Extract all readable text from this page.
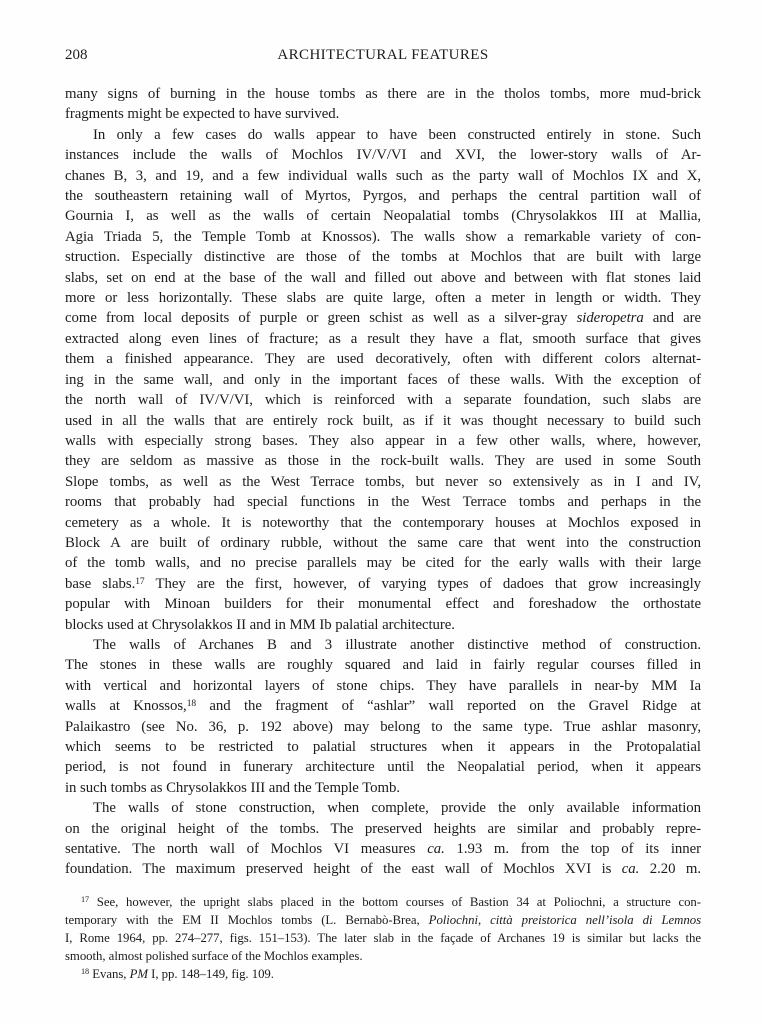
208	ARCHITECTURAL FEATURES
many signs of burning in the house tombs as there are in the tholos tombs, more mud-brick
fragments might be expected to have survived.
In only a few cases do walls appear to have been constructed entirely in stone. Such
instances include the walls of Mochlos IV/V/VI and XVI, the lower-story walls of Ar-
chanes B, 3, and 19, and a few individual walls such as the party wall of Mochlos IX and X,
the southeastern retaining wall of Myrtos, Pyrgos, and perhaps the central partition wall of
Gournia I, as well as the walls of certain Neopalatial tombs (Chrysolakkos III at Mallia,
Agia Triada 5, the Temple Tomb at Knossos). The walls show a remarkable variety of con-
struction. Especially distinctive are those of the tombs at Mochlos that are built with large
slabs, set on end at the base of the wall and filled out above and between with flat stones laid
more or less horizontally. These slabs are quite large, often a meter in length or width. They
come from local deposits of purple or green schist as well as a silver-gray sideropetra and are
extracted along even lines of fracture; as a result they have a flat, smooth surface that gives
them a finished appearance. They are used decoratively, often with different colors alternat-
ing in the same wall, and only in the important faces of these walls. With the exception of
the north wall of IV/V/VI, which is reinforced with a separate foundation, such slabs are
used in all the walls that are entirely rock built, as if it was thought necessary to build such
walls with especially strong bases. They also appear in a few other walls, where, however,
they are seldom as massive as those in the rock-built walls. They are used in some South
Slope tombs, as well as the West Terrace tombs, but never so extensively as in I and IV,
rooms that probably had special functions in the West Terrace tombs and perhaps in the
cemetery as a whole. It is noteworthy that the contemporary houses at Mochlos exposed in
Block A are built of ordinary rubble, without the same care that went into the construction
of the tomb walls, and no precise parallels may be cited for the early walls with their large
base slabs.$^{17}$ They are the first, however, of varying types of dadoes that grow increasingly
popular with Minoan builders for their monumental effect and foreshadow the orthostate
blocks used at Chrysolakkos II and in MM Ib palatial architecture.
The walls of Archanes B and 3 illustrate another distinctive method of construction.
The stones in these walls are roughly squared and laid in fairly regular courses filled in
with vertical and horizontal layers of stone chips. They have parallels in near-by MM Ia
walls at Knossos,$^{18}$ and the fragment of “ashlar” wall reported on the Gravel Ridge at
Palaikastro (see No. 36, p. 192 above) may belong to the same type. True ashlar masonry,
which seems to be restricted to palatial structures when it appears in the Protopalatial
period, is not found in funerary architecture until the Neopalatial period, when it appears
in such tombs as Chrysolakkos III and the Temple Tomb.
The walls of stone construction, when complete, provide the only available information
on the original height of the tombs. The preserved heights are similar and probably repre-
sentative. The north wall of Mochlos VI measures ca. 1.93 m. from the top of its inner
foundation. The maximum preserved height of the east wall of Mochlos XVI is ca. 2.20 m.
$^{17}$ See, however, the upright slabs placed in the bottom courses of Bastion 34 at Poliochni, a structure con-
temporary with the EM II Mochlos tombs (L. Bernabò-Brea, Poliochni, città preistorica nell’isola di Lemnos
I, Rome 1964, pp. 274–277, figs. 151–153). The later slab in the façade of Archanes 19 is similar but lacks the
smooth, almost polished surface of the Mochlos examples.
$^{18}$ Evans, PM I, pp. 148–149, fig. 109.
